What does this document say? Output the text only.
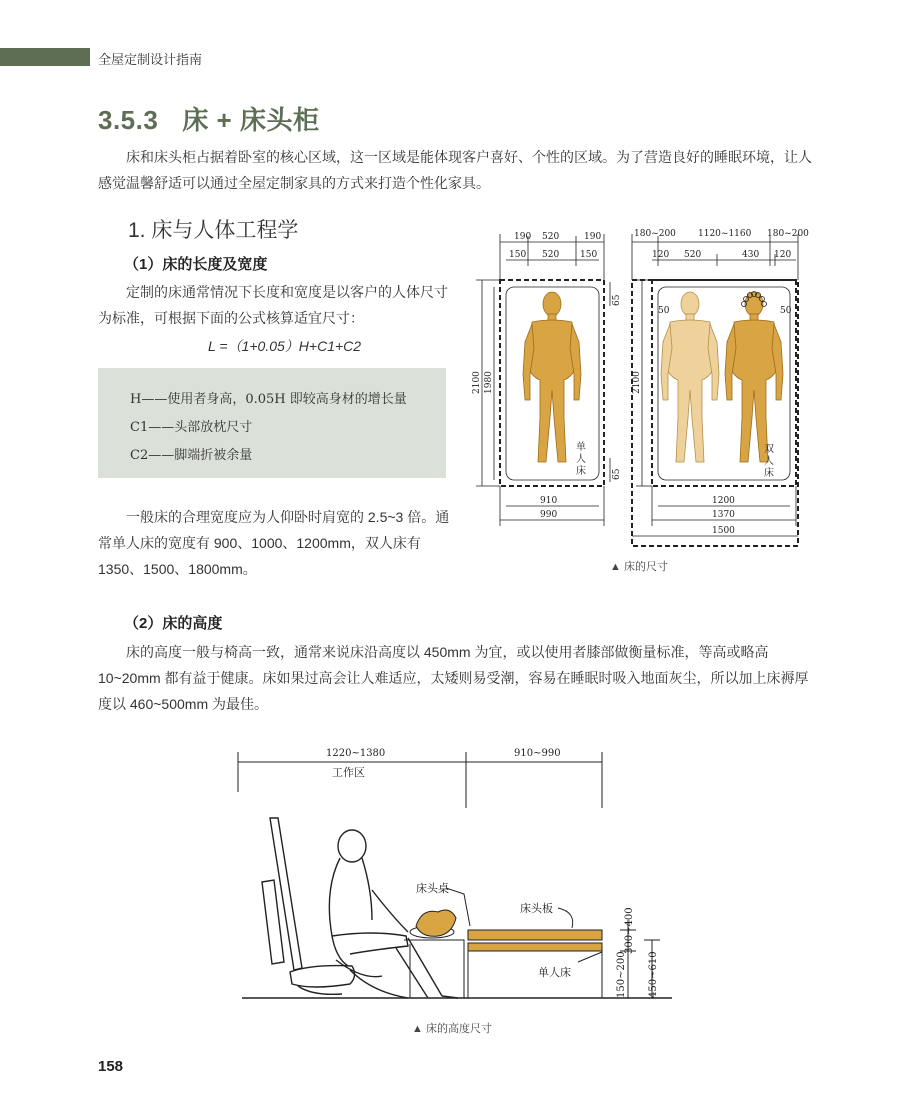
全屋定制设计指南
3.5.3 床 + 床头柜
床和床头柜占据着卧室的核心区域，这一区域是能体现客户喜好、个性的区域。为了营造良好的睡眠环境，让人感觉温馨舒适可以通过全屋定制家具的方式来打造个性化家具。
1. 床与人体工程学
（1）床的长度及宽度
定制的床通常情况下长度和宽度是以客户的人体尺寸为标准，可根据下面的公式核算适宜尺寸：
L =（1+0.05）H+C1+C2
H——使用者身高，0.05H 即较高身材的增长量
C1——头部放枕尺寸
C2——脚端折被余量
一般床的合理宽度应为人仰卧时肩宽的 2.5~3 倍。通常单人床的宽度有 900、1000、1200mm，双人床有 1350、1500、1800mm。
190 520	190
150 520 150
2100 1980
65
65
910
990
单
人
床
180~200 1120~1160 180~200
120 520	430 120
50	50
2100
1200
1370
1500
双
人
床
▲ 床的尺寸
（2）床的高度
床的高度一般与椅高一致，通常来说床沿高度以 450mm 为宜，或以使用者膝部做衡量标准，等高或略高 10~20mm 都有益于健康。床如果过高会让人难适应，太矮则易受潮，容易在睡眠时吸入地面灰尘，所以加上床褥厚度以 460~500mm 为最佳。
1220~1380	910~990
工作区
床头桌
床头板
单人床
300~400
150~200 450~610
▲ 床的高度尺寸
158
